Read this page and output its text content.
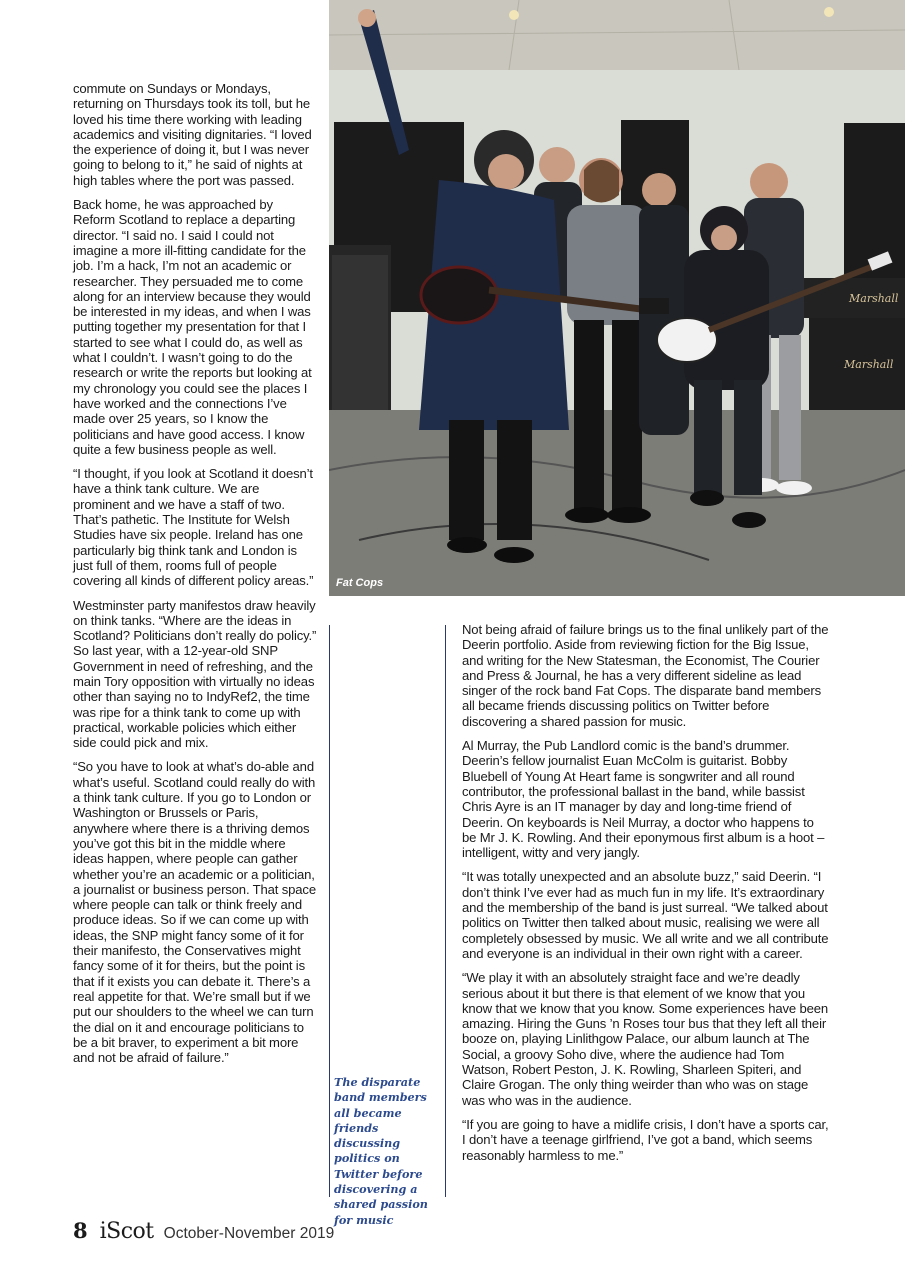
commute on Sundays or Mondays, returning on Thursdays took its toll, but he loved his time there working with leading academics and visiting dignitaries. “I loved the experience of doing it, but I was never going to belong to it,” he said of nights at high tables where the port was passed.

Back home, he was approached by Reform Scotland to replace a departing director. “I said no. I said I could not imagine a more ill-fitting candidate for the job. I’m a hack, I’m not an academic or researcher. They persuaded me to come along for an interview because they would be interested in my ideas, and when I was putting together my presentation for that I started to see what I could do, as well as what I couldn’t. I wasn’t going to do the research or write the reports but looking at my chronology you could see the places I have worked and the connections I’ve made over 25 years, so I know the politicians and have good access. I know quite a few business people as well.

“I thought, if you look at Scotland it doesn’t have a think tank culture. We are prominent and we have a staff of two. That’s pathetic. The Institute for Welsh Studies have six people. Ireland has one particularly big think tank and London is just full of them, rooms full of people covering all kinds of different policy areas.”

Westminster party manifestos draw heavily on think tanks. “Where are the ideas in Scotland? Politicians don’t really do policy.” So last year, with a 12-year-old SNP Government in need of refreshing, and the main Tory opposition with virtually no ideas other than saying no to IndyRef2, the time was ripe for a think tank to come up with practical, workable policies which either side could pick and mix.

“So you have to look at what’s do-able and what’s useful. Scotland could really do with a think tank culture. If you go to London or Washington or Brussels or Paris, anywhere where there is a thriving demos you’ve got this bit in the middle where ideas happen, where people can gather whether you’re an academic or a politician, a journalist or business person. That space where people can talk or think freely and produce ideas. So if we can come up with ideas, the SNP might fancy some of it for their manifesto, the Conservatives might fancy some of it for theirs, but the point is that if it exists you can debate it. There’s a real appetite for that. We’re small but if we put our shoulders to the wheel we can turn the dial on it and encourage politicians to be a bit braver, to experiment a bit more and not be afraid of failure.”

Marshall
Marshall
Fat Cops
The disparate band members all became friends discussing politics on Twitter before discovering a shared passion for music

Not being afraid of failure brings us to the final unlikely part of the Deerin portfolio. Aside from reviewing fiction for the Big Issue, and writing for the New Statesman, the Economist, The Courier and Press & Journal, he has a very different sideline as lead singer of the rock band Fat Cops. The disparate band members all became friends discussing politics on Twitter before discovering a shared passion for music.

Al Murray, the Pub Landlord comic is the band’s drummer. Deerin’s fellow journalist Euan McColm is guitarist. Bobby Bluebell of Young At Heart fame is songwriter and all round contributor, the professional ballast in the band, while bassist Chris Ayre is an IT manager by day and long-time friend of Deerin. On keyboards is Neil Murray, a doctor who happens to be Mr J. K. Rowling. And their eponymous first album is a hoot – intelligent, witty and very jangly.

“It was totally unexpected and an absolute buzz,” said Deerin. “I don’t think I’ve ever had as much fun in my life. It’s extraordinary and the membership of the band is just surreal. “We talked about politics on Twitter then talked about music, realising we were all completely obsessed by music. We all write and we all contribute and everyone is an individual in their own right with a career.

“We play it with an absolutely straight face and we’re deadly serious about it but there is that element of we know that you know that we know that you know. Some experiences have been amazing. Hiring the Guns ’n Roses tour bus that they left all their booze on, playing Linlithgow Palace, our album launch at The Social, a groovy Soho dive, where the audience had Tom Watson, Robert Peston, J. K. Rowling, Sharleen Spiteri, and Claire Grogan. The only thing weirder than who was on stage was who was in the audience.

“If you are going to have a midlife crisis, I don’t have a sports car, I don’t have a teenage girlfriend, I’ve got a band, which seems reasonably harmless to me.”

8 iScot October-November 2019
